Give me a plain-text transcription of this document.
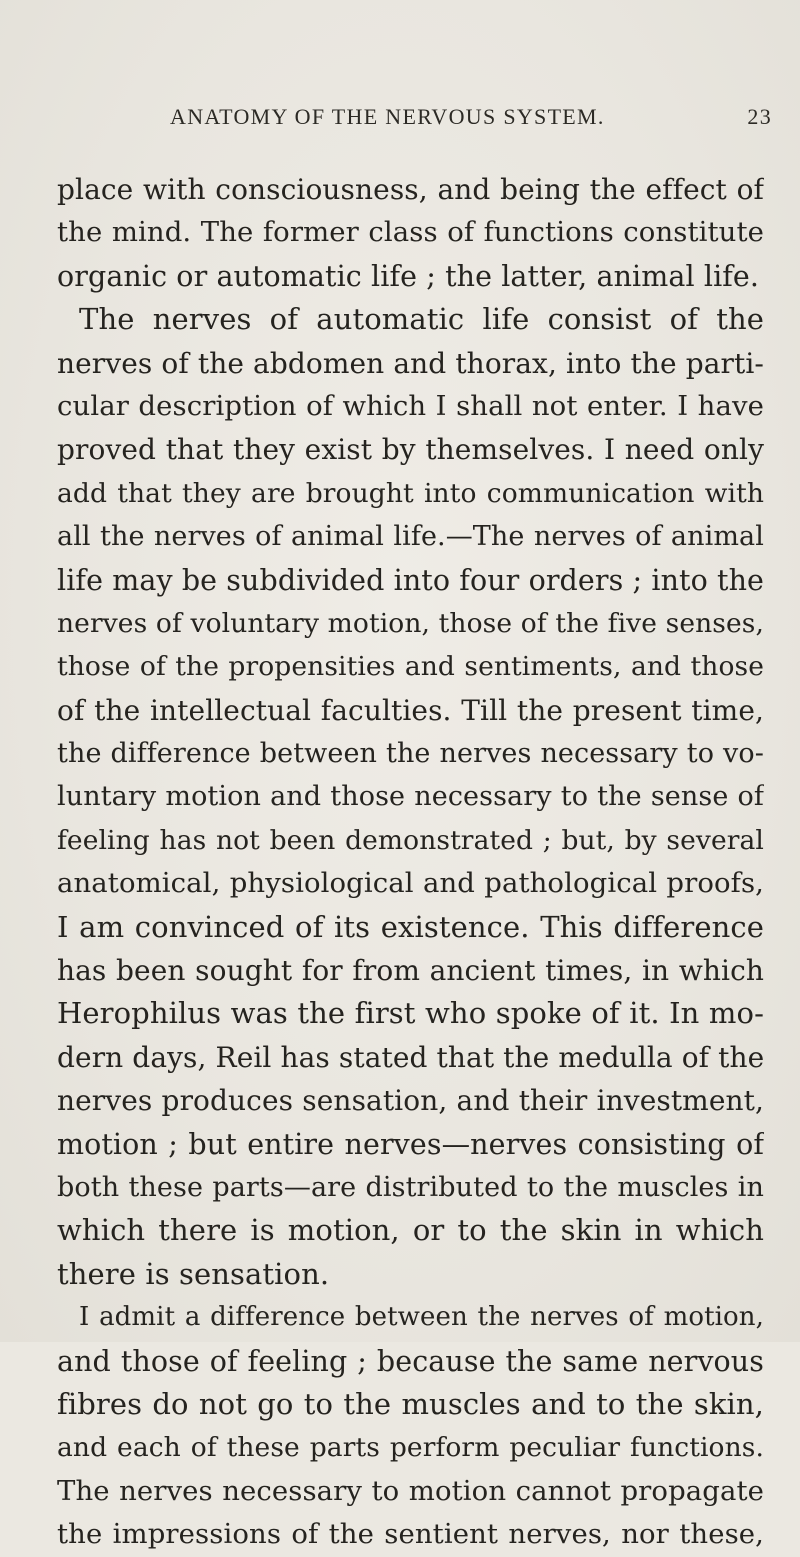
ANATOMY OF THE NERVOUS SYSTEM.	23
place with consciousness, and being the effect of
the mind. The former class of functions constitute
organic or automatic life ; the latter, animal life.
The nerves of automatic life consist of the
nerves of the abdomen and thorax, into the parti-
cular description of which I shall not enter. I have
proved that they exist by themselves. I need only
add that they are brought into communication with
all the nerves of animal life.—The nerves of animal
life may be subdivided into four orders ; into the
nerves of voluntary motion, those of the five senses,
those of the propensities and sentiments, and those
of the intellectual faculties. Till the present time,
the difference between the nerves necessary to vo-
luntary motion and those necessary to the sense of
feeling has not been demonstrated ; but, by several
anatomical, physiological and pathological proofs,
I am convinced of its existence. This difference
has been sought for from ancient times, in which
Herophilus was the first who spoke of it. In mo-
dern days, Reil has stated that the medulla of the
nerves produces sensation, and their investment,
motion ; but entire nerves—nerves consisting of
both these parts—are distributed to the muscles in
which there is motion, or to the skin in which
there is sensation.
I admit a difference between the nerves of motion,
and those of feeling ; because the same nervous
fibres do not go to the muscles and to the skin,
and each of these parts perform peculiar functions.
The nerves necessary to motion cannot propagate
the impressions of the sentient nerves, nor these,
